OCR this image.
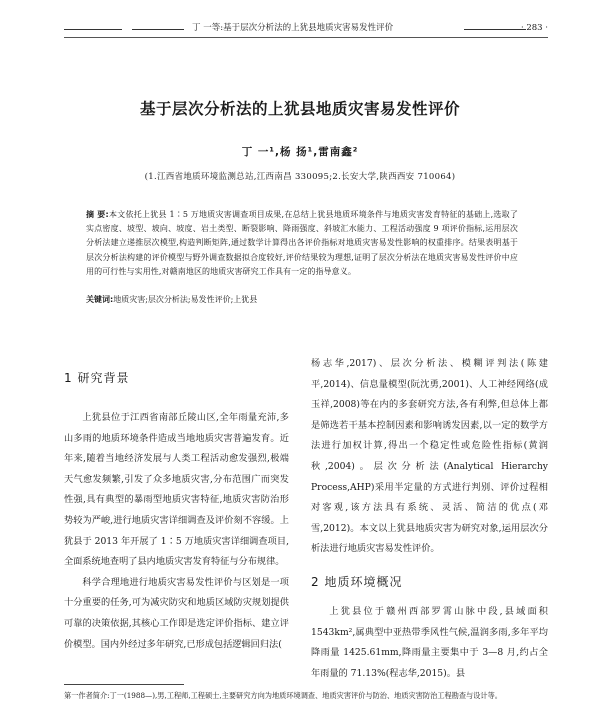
丁 一等:基于层次分析法的上犹县地质灾害易发性评价	· 283 ·
基于层次分析法的上犹县地质灾害易发性评价
丁 一¹,杨 扬¹,雷南鑫²
(1.江西省地质环境监测总站,江西南昌 330095;2.长安大学,陕西西安 710064)
摘 要:本文依托上犹县 1∶5 万地质灾害调查项目成果,在总结上犹县地质环境条件与地质灾害发育特征的基础上,选取了实点密度、坡型、坡向、坡度、岩土类型、断裂影响、降雨强度、斜坡汇水能力、工程活动强度 9 项评价指标,运用层次分析法建立递推层次模型,构造判断矩阵,通过数学计算得出各评价指标对地质灾害易发性影响的权重排序。结果表明基于层次分析法构建的评价模型与野外调查数据拟合度较好,评价结果较为理想,证明了层次分析法在地质灾害易发性评价中应用的可行性与实用性,对赣南地区的地质灾害研究工作具有一定的指导意义。
关键词:地质灾害;层次分析法;易发性评价;上犹县
1 研究背景

上犹县位于江西省南部丘陵山区,全年雨量充沛,多山多雨的地质环境条件造成当地地质灾害普遍发育。近年来,随着当地经济发展与人类工程活动愈发强烈,极端天气愈发频繁,引发了众多地质灾害,分布范围广而突发性强,具有典型的暴雨型地质灾害特征,地质灾害防治形势较为严峻,进行地质灾害详细调查及评价刻不容缓。上犹县于 2013 年开展了 1∶5 万地质灾害详细调查项目,全面系统地查明了县内地质灾害发育特征与分布规律。

科学合理地进行地质灾害易发性评价与区划是一项十分重要的任务,可为减灾防灾和地质区域防灾规划提供可靠的决策依据,其核心工作即是选定评价指标、建立评价模型。国内外经过多年研究,已形成包括逻辑回归法(

杨志华,2017)、层次分析法、模糊评判法(陈建平,2014)、信息量模型(阮沈勇,2001)、人工神经网络(成玉祥,2008)等在内的多套研究方法,各有利弊,但总体上都是筛选若干基本控制因素和影响诱发因素,以一定的数学方法进行加权计算,得出一个稳定性或危险性指标(黄润秋,2004)。层次分析法(Analytical Hierarchy Process,AHP)采用半定量的方式进行判别、评价过程相对客观,该方法具有系统、灵活、简洁的优点(邓雪,2012)。本文以上犹县地质灾害为研究对象,运用层次分析法进行地质灾害易发性评价。

2 地质环境概况

上犹县位于赣州西部罗霄山脉中段,县域面积 1543km²,属典型中亚热带季风性气候,温润多雨,多年平均降雨量 1425.61mm,降雨量主要集中于 3—8 月,约占全年雨量的 71.13%(程志华,2015)。县

第一作者简介:丁一(1988—),男,工程师,工程硕士,主要研究方向为地质环境调查、地质灾害评价与防治、地质灾害防治工程勘查与设计等。
